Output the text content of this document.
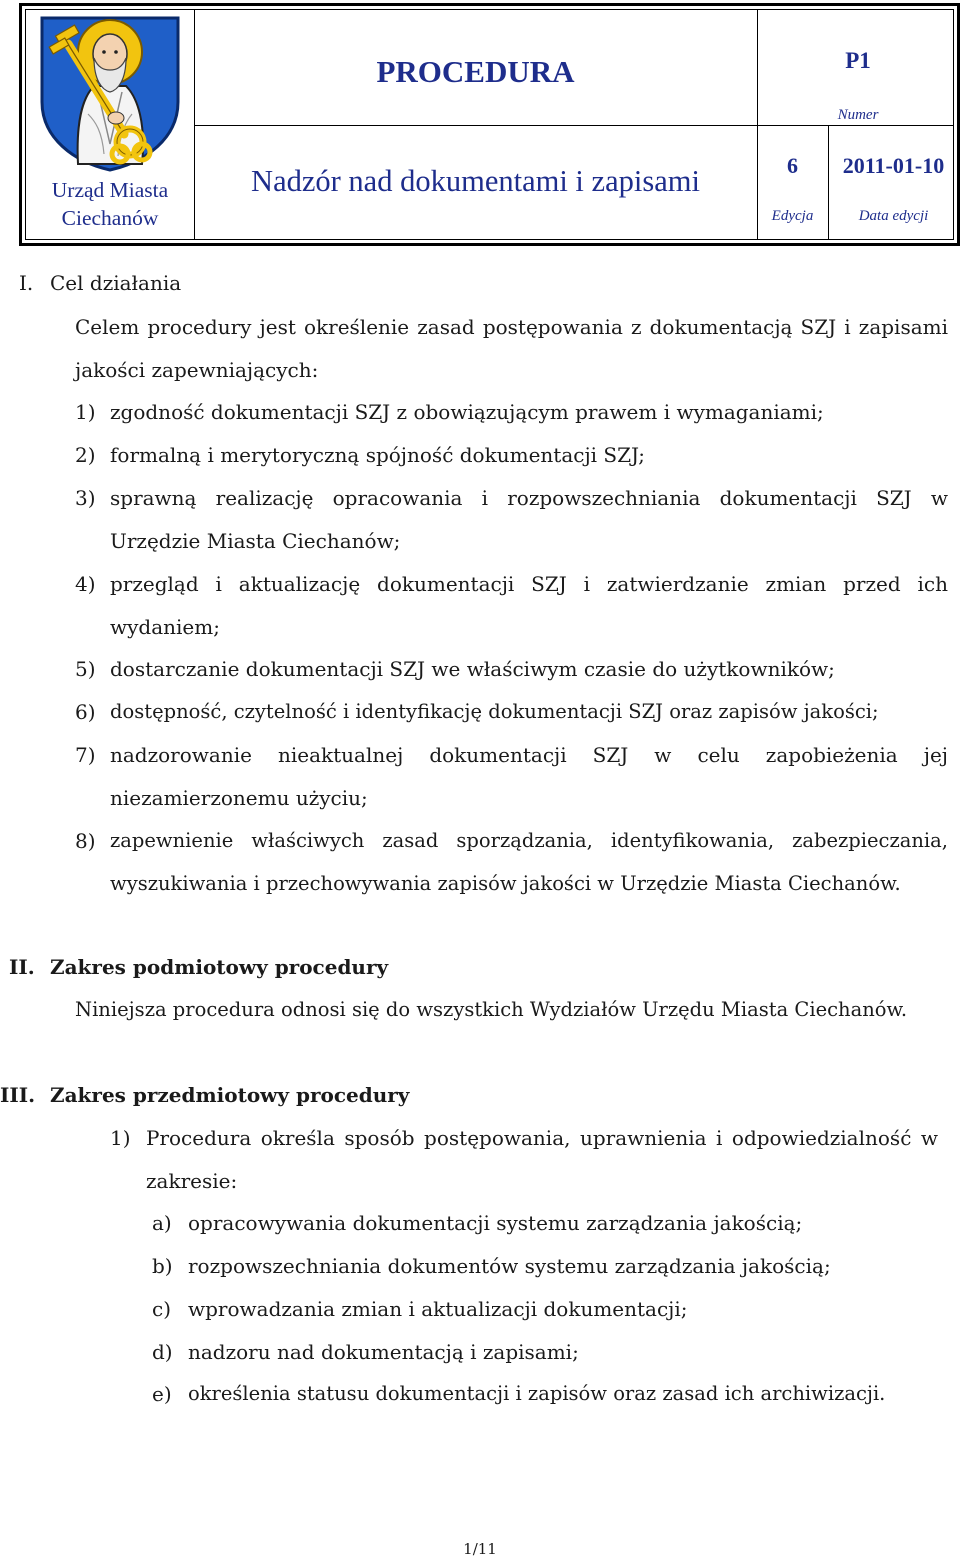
Urząd Miasta
Ciechanów
PROCEDURA
Nadzór nad dokumentami i zapisami
P1
Numer
6
Edycja
2011-01-10
Data edycji

I. Cel działania

Celem procedury jest określenie zasad postępowania z dokumentacją SZJ i zapisami

jakości zapewniających:

1) zgodność dokumentacji SZJ z obowiązującym prawem i wymaganiami;

2) formalną i merytoryczną spójność dokumentacji SZJ;

3) sprawną realizację opracowania i rozpowszechniania dokumentacji SZJ w

Urzędzie Miasta Ciechanów;

4) przegląd i aktualizację dokumentacji SZJ i zatwierdzanie zmian przed ich

wydaniem;

5) dostarczanie dokumentacji SZJ we właściwym czasie do użytkowników;

6) dostępność, czytelność i identyfikację dokumentacji SZJ oraz zapisów jakości;

7) nadzorowanie nieaktualnej dokumentacji SZJ w celu zapobieżenia jej

niezamierzonemu użyciu;

8) zapewnienie właściwych zasad sporządzania, identyfikowania, zabezpieczania,

wyszukiwania i przechowywania zapisów jakości w Urzędzie Miasta Ciechanów.

II. Zakres podmiotowy procedury

Niniejsza procedura odnosi się do wszystkich Wydziałów Urzędu Miasta Ciechanów.

III. Zakres przedmiotowy procedury

1) Procedura określa sposób postępowania, uprawnienia i odpowiedzialność w

zakresie:

a) opracowywania dokumentacji systemu zarządzania jakością;

b) rozpowszechniania dokumentów systemu zarządzania jakością;

c) wprowadzania zmian i aktualizacji dokumentacji;

d) nadzoru nad dokumentacją i zapisami;

e) określenia statusu dokumentacji i zapisów oraz zasad ich archiwizacji.

1/11
